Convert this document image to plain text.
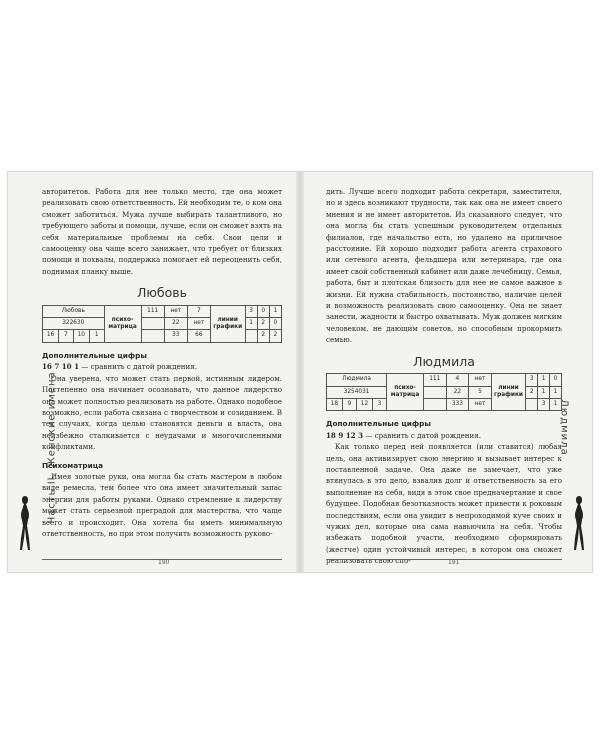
Часть II. Женские имена	Людмила

авторитетов. Работа для нее только место, где она может реализовать свою ответственность. Ей необходим те, о ком она сможет заботиться. Мужа лучше выбирать талантливого, но требующего заботы и помощи, лучше, если он сможет взять на себя материальные проблемы на себя. Свои цели и самооценку она чаще всего занижает, что требует от близких помощи и похвалы, поддержка помогает ей переоценить себя, поднимая планку выше.

Любовь
Любовь				психо-матрица	111	нет	7	линии графики	3	0	1
322630						22	нет		1	2	0
16	7	10	1			33	66			2	2
Дополнительные цифры

16 7 10 1 — сравнить с датой рождения.

Она уверена, что может стать первой, истинным лидером. Постепенно она начинает осознавать, что данное лидерство она может полностью реализовать на работе. Однако подобное возможно, если работа связана с творчеством и созиданием. В тех случаях, когда целью становятся деньги и власть, она неизбежно сталкивается с неудачами и многочисленными конфликтами.

Психоматрица

Имея золотые руки, она могла бы стать мастером в любом виде ремесла, тем более что она имеет значительный запас энергии для работы руками. Однако стремление к лидерству может стать серьезной преградой для мастерства, что чаще всего и происходит. Она хотела бы иметь минимальную ответственность, но при этом получить возможность руково-

дить. Лучше всего подходит работа секретаря, заместителя, но и здесь возникают трудности, так как она не имеет своего мнения и не имеет авторитетов. Из сказанного следует, что она могла бы стать успешным руководителем отдельных филиалов, где начальство есть, но удалено на приличное расстояние. Ей хорошо подходит работа агента страхового или сетевого агента, фельдшера или ветеринара, где она имеет свой собственный кабинет или даже лечебницу. Семья, работа, быт и плотская близость для нее не самое важное в жизни. Ей нужна стабильность, постоянство, наличие целей и возможность реализовать свою самооценку. Она не знает занести, жадности и быстро охватывать. Муж должен мягким человеком, не дающим советов, но способным прокормить семью.

Людмила
Людмила				психо-матрица	111	4	нет	линии графики	3	1	0
3254031						22	5		2	1	1
18	9	12	3			333	нет			3	1
Дополнительные цифры

18 9 12 3 — сравнить с датой рождения.

Как только перед ней появляется (или ставится) любая цель, она активизирует свою энергию и вызывает интерес к поставленной задаче. Она даже не замечает, что уже втянулась в это дело, взвалив долг и ответственность за его выполнение на себя, видя в этом свое предначертание и свое будущее. Подобная безотказность может привести к роковым последствиям, если она увидит в непроходимой куче своих и чужих дел, которые она сама навьючила на себя. Чтобы избежать подобной участи, необходимо сформировать (жестче) один устойчивый интерес, в котором она сможет реализовать свою спо-

190	191
